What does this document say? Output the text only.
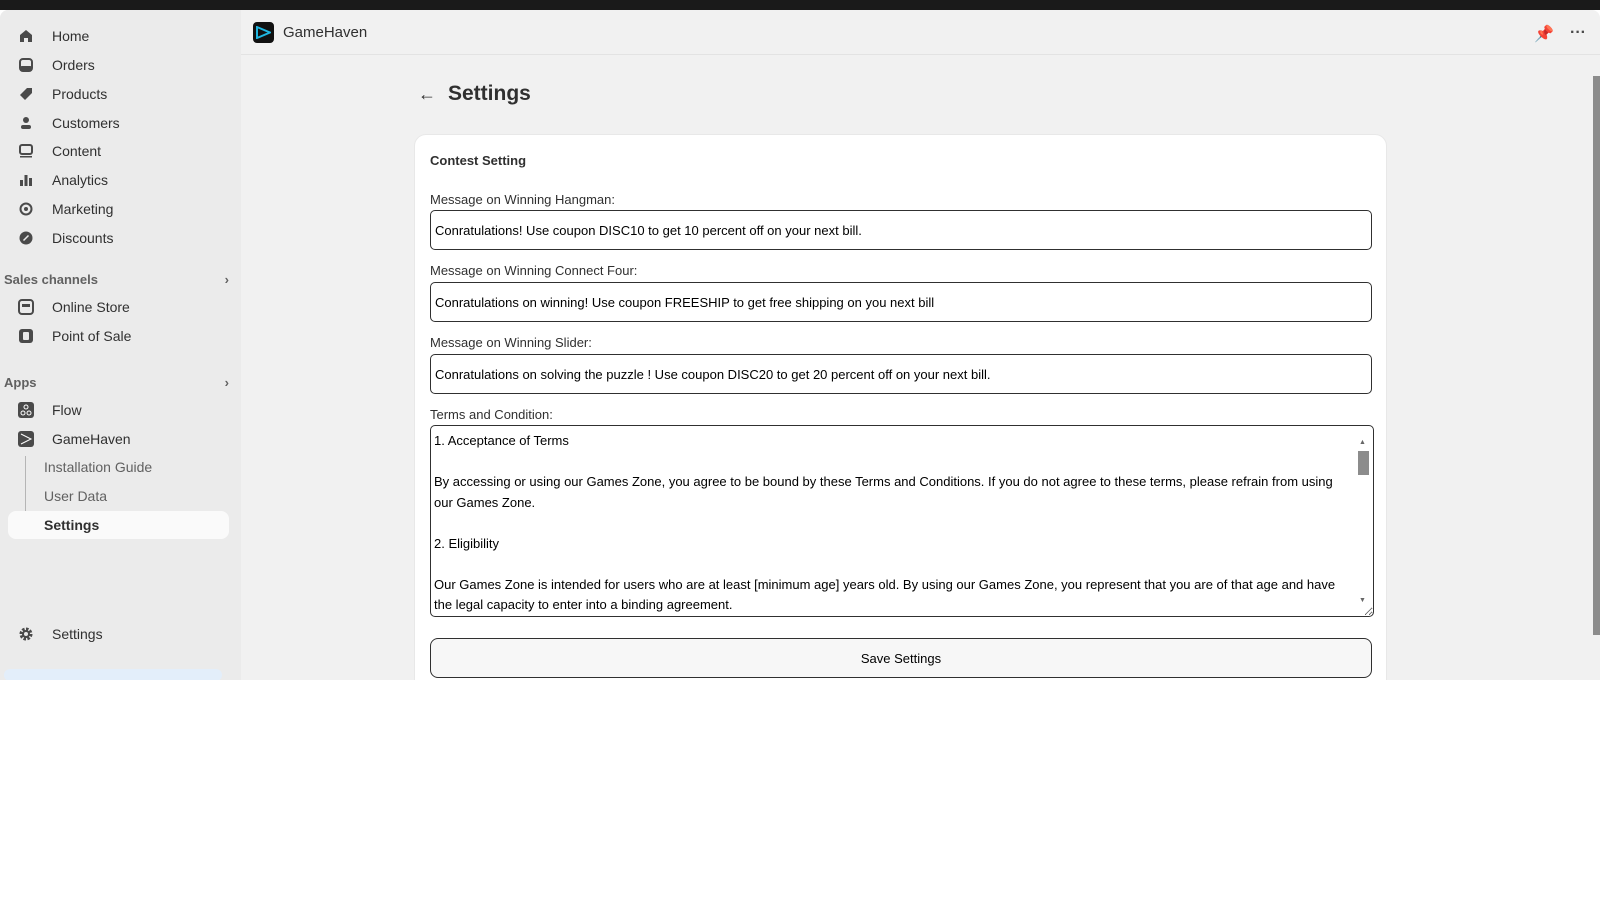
Home
Orders
Products
Customers
Content
Analytics
Marketing
Discounts
Sales channels	›
Online Store
Point of Sale
Apps	›
Flow
GameHaven
Installation Guide
User Data
Settings
Settings
GameHaven	📌 ···
← Settings
Contest Setting
Message on Winning Hangman:
Conratulations! Use coupon DISC10 to get 10 percent off on your next bill.
Message on Winning Connect Four:
Conratulations on winning! Use coupon FREESHIP to get free shipping on you next bill
Message on Winning Slider:
Conratulations on solving the puzzle ! Use coupon DISC20 to get 20 percent off on your next bill.
Terms and Condition:
1. Acceptance of Terms By accessing or using our Games Zone, you agree to be bound by these Terms and Conditions. If you do not agree to these terms, please refrain from using our Games Zone. 2. Eligibility Our Games Zone is intended for users who are at least [minimum age] years old. By using our Games Zone, you represent that you are of that age and have the legal capacity to enter into a binding agreement.
▲
▼
Save Settings
